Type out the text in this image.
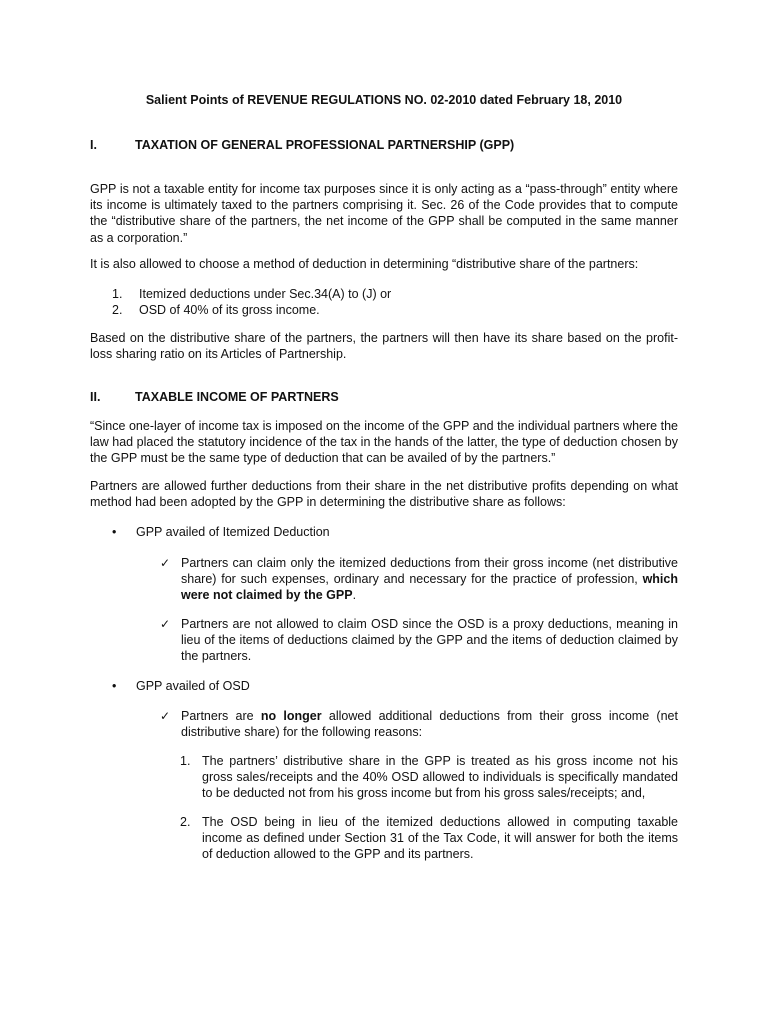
Salient Points of REVENUE REGULATIONS NO. 02-2010 dated February 18, 2010
I.	TAXATION OF GENERAL PROFESSIONAL PARTNERSHIP (GPP)
GPP is not a taxable entity for income tax purposes since it is only acting as a “pass-through” entity where its income is ultimately taxed to the partners comprising it. Sec. 26 of the Code provides that to compute the “distributive share of the partners, the net income of the GPP shall be computed in the same manner as a corporation.”
It is also allowed to choose a method of deduction in determining “distributive share of the partners:
1. Itemized deductions under Sec.34(A) to (J) or
2. OSD of 40% of its gross income.
Based on the distributive share of the partners, the partners will then have its share based on the profit-loss sharing ratio on its Articles of Partnership.
II.	TAXABLE INCOME OF PARTNERS
“Since one-layer of income tax is imposed on the income of the GPP and the individual partners where the law had placed the statutory incidence of the tax in the hands of the latter, the type of deduction chosen by the GPP must be the same type of deduction that can be availed of by the partners.”
Partners are allowed further deductions from their share in the net distributive profits depending on what method had been adopted by the GPP in determining the distributive share as follows:
• GPP availed of Itemized Deduction
✓ Partners can claim only the itemized deductions from their gross income (net distributive share) for such expenses, ordinary and necessary for the practice of profession, which were not claimed by the GPP.
✓ Partners are not allowed to claim OSD since the OSD is a proxy deductions, meaning in lieu of the items of deductions claimed by the GPP and the items of deduction claimed by the partners.
• GPP availed of OSD
✓ Partners are no longer allowed additional deductions from their gross income (net distributive share) for the following reasons:
1. The partners’ distributive share in the GPP is treated as his gross income not his gross sales/receipts and the 40% OSD allowed to individuals is specifically mandated to be deducted not from his gross income but from his gross sales/receipts; and,
2. The OSD being in lieu of the itemized deductions allowed in computing taxable income as defined under Section 31 of the Tax Code, it will answer for both the items of deduction allowed to the GPP and its partners.
